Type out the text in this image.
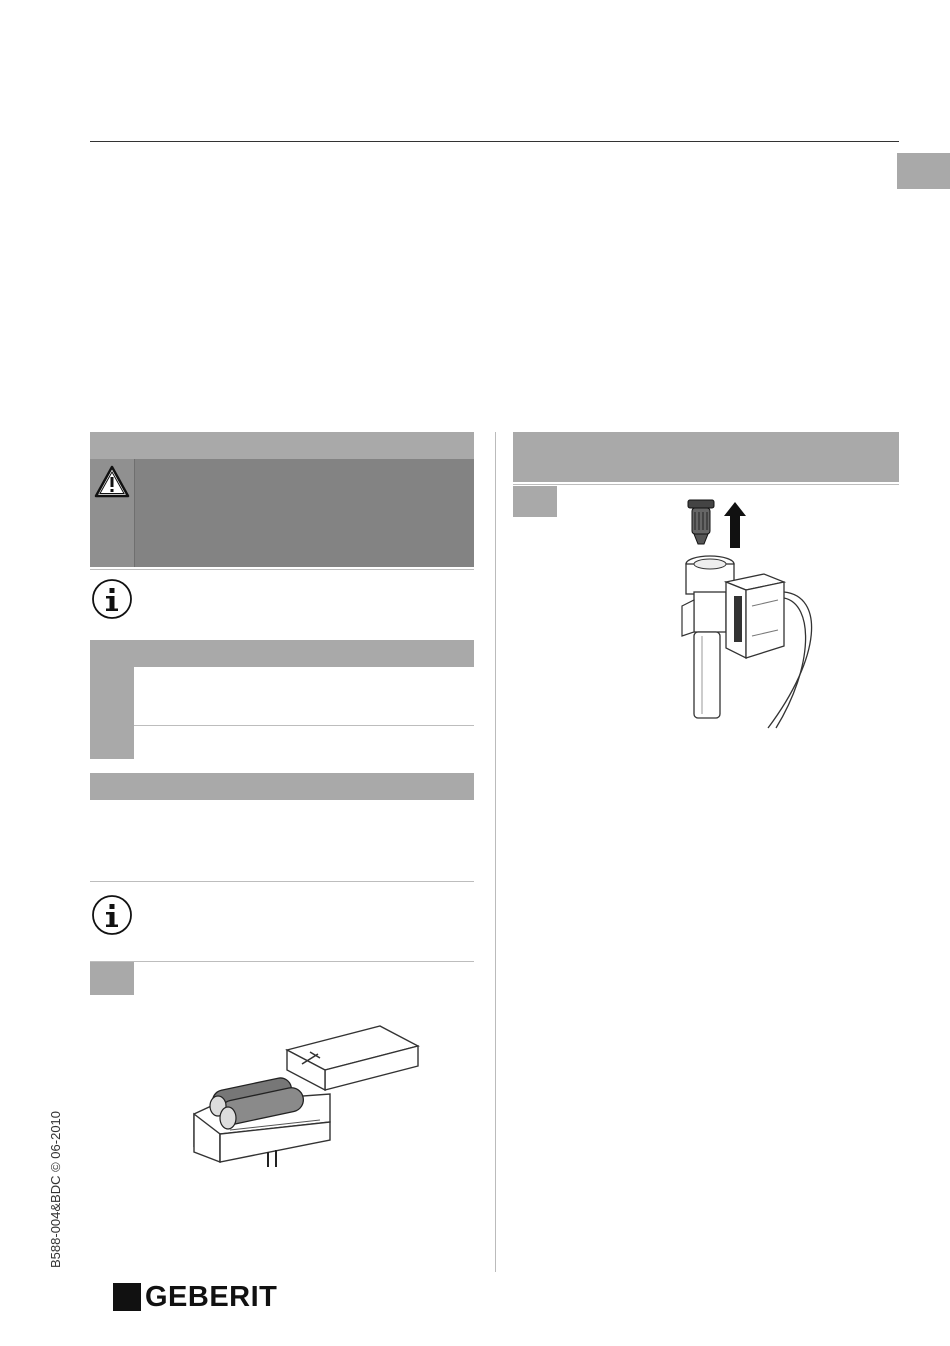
B588-004&BDC © 06-2010
GEBERIT
